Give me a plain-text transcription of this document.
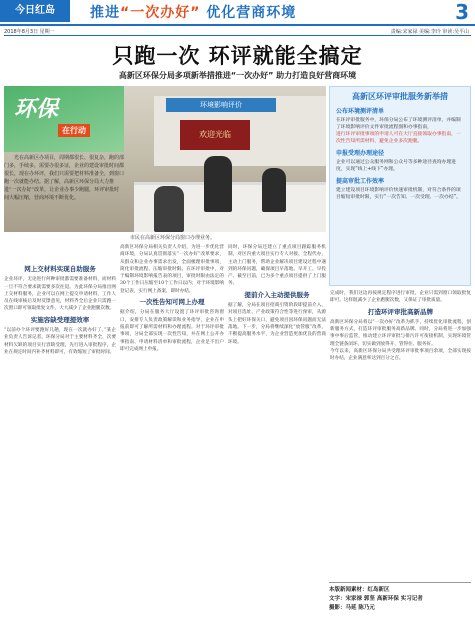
今日红岛	推进“一次办好” 优化营商环境	3
2018年8月3日 星期一	责编:宋家禄 美编:李玲 审读:吴平山
只跑一次 环评就能全搞定
高新区环保分局多项新举措推进“一次办好” 助力打造良好营商环境
环境影响评价
欢迎光临
环保
在行动
市民在高新区环保分局窗口办理业务。
光在高新区办项目，周期都很长、很复杂，跑的部门多，手续多，需要办很多证，企业的建设审批时间都很长，现在办环评，我们只需要把材料准备全，到窗口跑一次就能办结。据了解，高新区环保分局大力推进“一次办好”改革，让企业办事少跑腿，环评审批时间大幅压缩，营商环境不断优化。
高新区环评审批服务新举措
公布环境测评清单

在环评审批服务中，环保分局公布了环境测评清单，并编制了环境影响评价文件审批流程图和办事指南，

进行环评审批事项的申请人可在大厅直接领取办事指南，一次性告知所需材料，避免企业多次跑腿。

申报受理办理途径

企业可以通过公众服务网和公众号等多种途径查询办理进度，实现“线上+线下”办理。

提高审批工作效率

建立建设项目环境影响评价快速审批机制，对符合条件的项目缩短审批时限，实行“一次告知、一次受理、一次办结”。

网上交材料实现自助服务
企业环评，无论进行何种审批都需要准备材料，而材料一旦不符合要求就需要多次往返。为此环保分局推出网上交材料服务，企业可以在网上提交申请材料，工作人员在线审核后及时反馈意见，材料齐全后企业只需跑一次窗口即可领取批复文件，大大减少了企业跑腿次数。
实施容缺受理提效率
“以前办个环评要跑好几趟，现在一次就办好了。”某企业负责人告诉记者。环保分局对于主要材料齐全、次要材料欠缺的项目实行容缺受理，先行进入审批程序，企业在规定时间内补齐材料即可，有效缩短了审批时间。
高新区环保分局相关负责人介绍，为进一步优化营商环境，分局认真贯彻落实“一次办好”改革要求，从群众和企业办事需求出发，全面梳理审批事项，简化审批流程，压缩审批时限。在环评审批中，对于编制环境影响报告表的项目，审批时限由法定的30个工作日压缩至10个工作日以内；对于环境影响登记表，实行网上备案，即时办结。
一次性告知可网上办理
据介绍，分局在服务大厅设置了环评审批咨询窗口，安排专人负责政策解读和业务指导，企业在申报前即可了解所需材料和办理流程。对于环评审批事项，分局全部实现一次性告知，并在网上公开办事指南、申请材料清单和审批流程，企业足不出户即可完成网上申报。
同时，环保分局还建立了重点项目跟踪服务机制，对区内重大项目实行专人对接、全程代办，主动上门服务，帮助企业解决项目建设过程中遇到的环保问题，确保项目早落地、早开工、早投产。截至目前，已为多个重点项目提供了上门服务。
提前介入主动提供服务
据了解，分局在项目招商引资阶段即提前介入，对项目选址、产业政策符合性等进行预审，从源头上把好环保关口，避免项目因环保问题而无法落地。下一步，分局将继续深化“放管服”改革，不断提高服务水平，为企业营造更加优良的营商环境。
完成时，我们这边再按规定程序进行审批，企业只需到窗口领取批复即可。这样既减少了企业跑腿次数，又保证了审批质量。
打造环评审批高新品牌
高新区环保分局将以“一次办好”改革为抓手，持续优化审批流程，创新服务方式，打造环评审批服务高新品牌。同时，分局将进一步加强事中事后监管，推动建立环评审批与排污许可衔接机制，实现环境管理全链条闭环，切实做到放得开、管得住、服务好。
今年以来，高新区环保分局共受理环评审批事项百余项，全部实现按时办结，企业满意率达到百分之百。
本版新闻素材：红岛新区
文字：宋家禄 郭坚 高新环保 实习记者
摄影：马延 陈乃元
